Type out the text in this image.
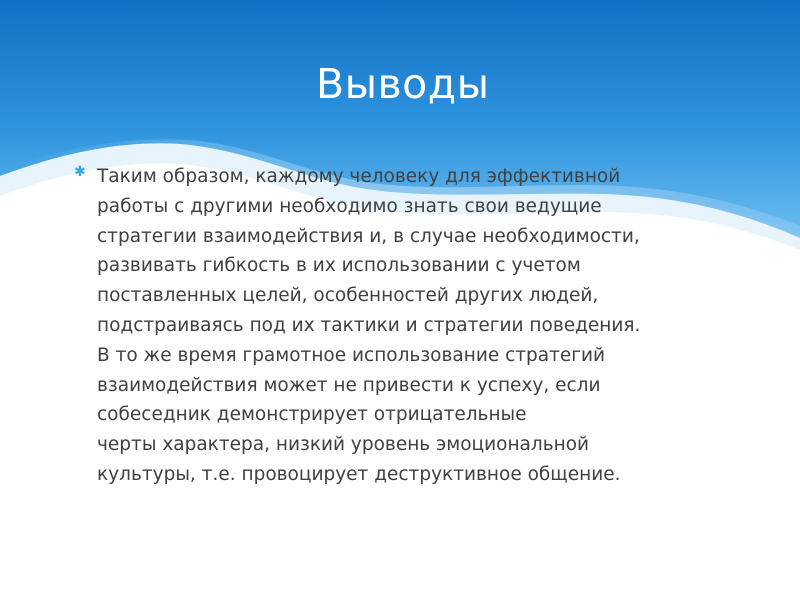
Выводы
✱ Таким образом, каждому человеку для эффективной
работы с другими необходимо знать свои ведущие
стратегии взаимодействия и, в случае необходимости,
развивать гибкость в их использовании с учетом
поставленных целей, особенностей других людей,
подстраиваясь под их тактики и стратегии поведения.
В то же время грамотное использование стратегий
взаимодействия может не привести к успеху, если
собеседник демонстрирует отрицательные
черты характера, низкий уровень эмоциональной
культуры, т.е. провоцирует деструктивное общение.
